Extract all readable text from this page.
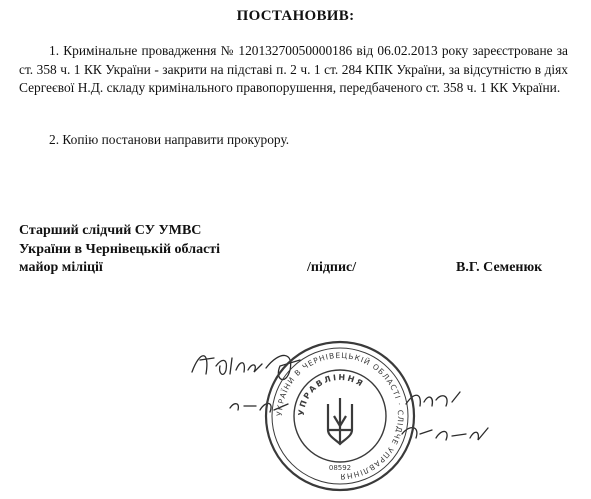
ПОСТАНОВИВ:
1. Кримінальне провадження № 12013270050000186 від 06.02.2013 року зареєстроване за ст. 358 ч. 1 КК України - закрити на підставі п. 2 ч. 1 ст. 284 КПК України, за відсутністю в діях Сергеєвої Н.Д. складу кримінального правопорушення, передбаченого ст. 358 ч. 1 КК України.
2. Копію постанови направити прокурору.
Старший слідчий СУ УМВС
України в Чернівецькій області
майор міліції	/підпис/	В.Г. Семенюк
УКРАЇНИ В ЧЕРНІВЕЦЬКІЙ ОБЛАСТІ · СЛІДЧЕ УПРАВЛІННЯ
УПРАВЛІННЯ
08592
